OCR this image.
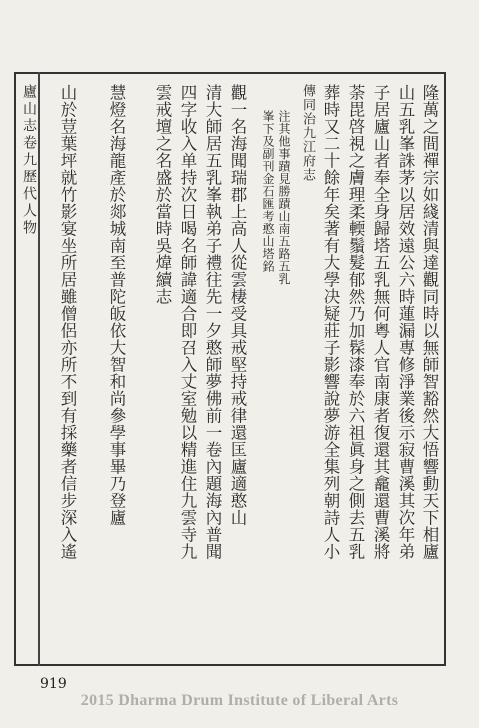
廬山志卷九歷代人物	隆萬之間禪宗如綫清與達觀同時以無師智豁然大悟響動天下相廬
山五乳峯誅茅以居效遠公六時蓮漏專修淨業後示寂曹溪其次年弟
子居廬山者奉全身歸塔五乳無何粤人官南康者復還其龕還曹溪將
荼毘啓視之膚理柔輭鬚髮郁然乃加髹漆奉於六祖眞身之側去五乳
葬時又二十餘年矣著有大學决疑莊子影響說夢游全集列朝詩人小
傳同治九江府志
注其他事蹟見勝蹟山南五路五乳
峯下及副刊金石匯考憨山塔銘
觀一名海聞瑞郡上高人從雲棲受具戒堅持戒律還匡廬適憨山
清大師居五乳峯執弟子禮往先一夕憨師夢佛前一卷內題海內普聞
四字收入单持次日喝名師諱適合即召入丈室勉以精進住九雲寺九
雲戒壇之名盛於當時吳煒續志
慧燈名海龍產於郯城南至普陀皈依大智和尚參學事畢乃登廬
山於荳葉坪就竹影宴坐所居雖僧侶亦所不到有採藥者信步深入遙
919
2015 Dharma Drum Institute of Liberal Arts
